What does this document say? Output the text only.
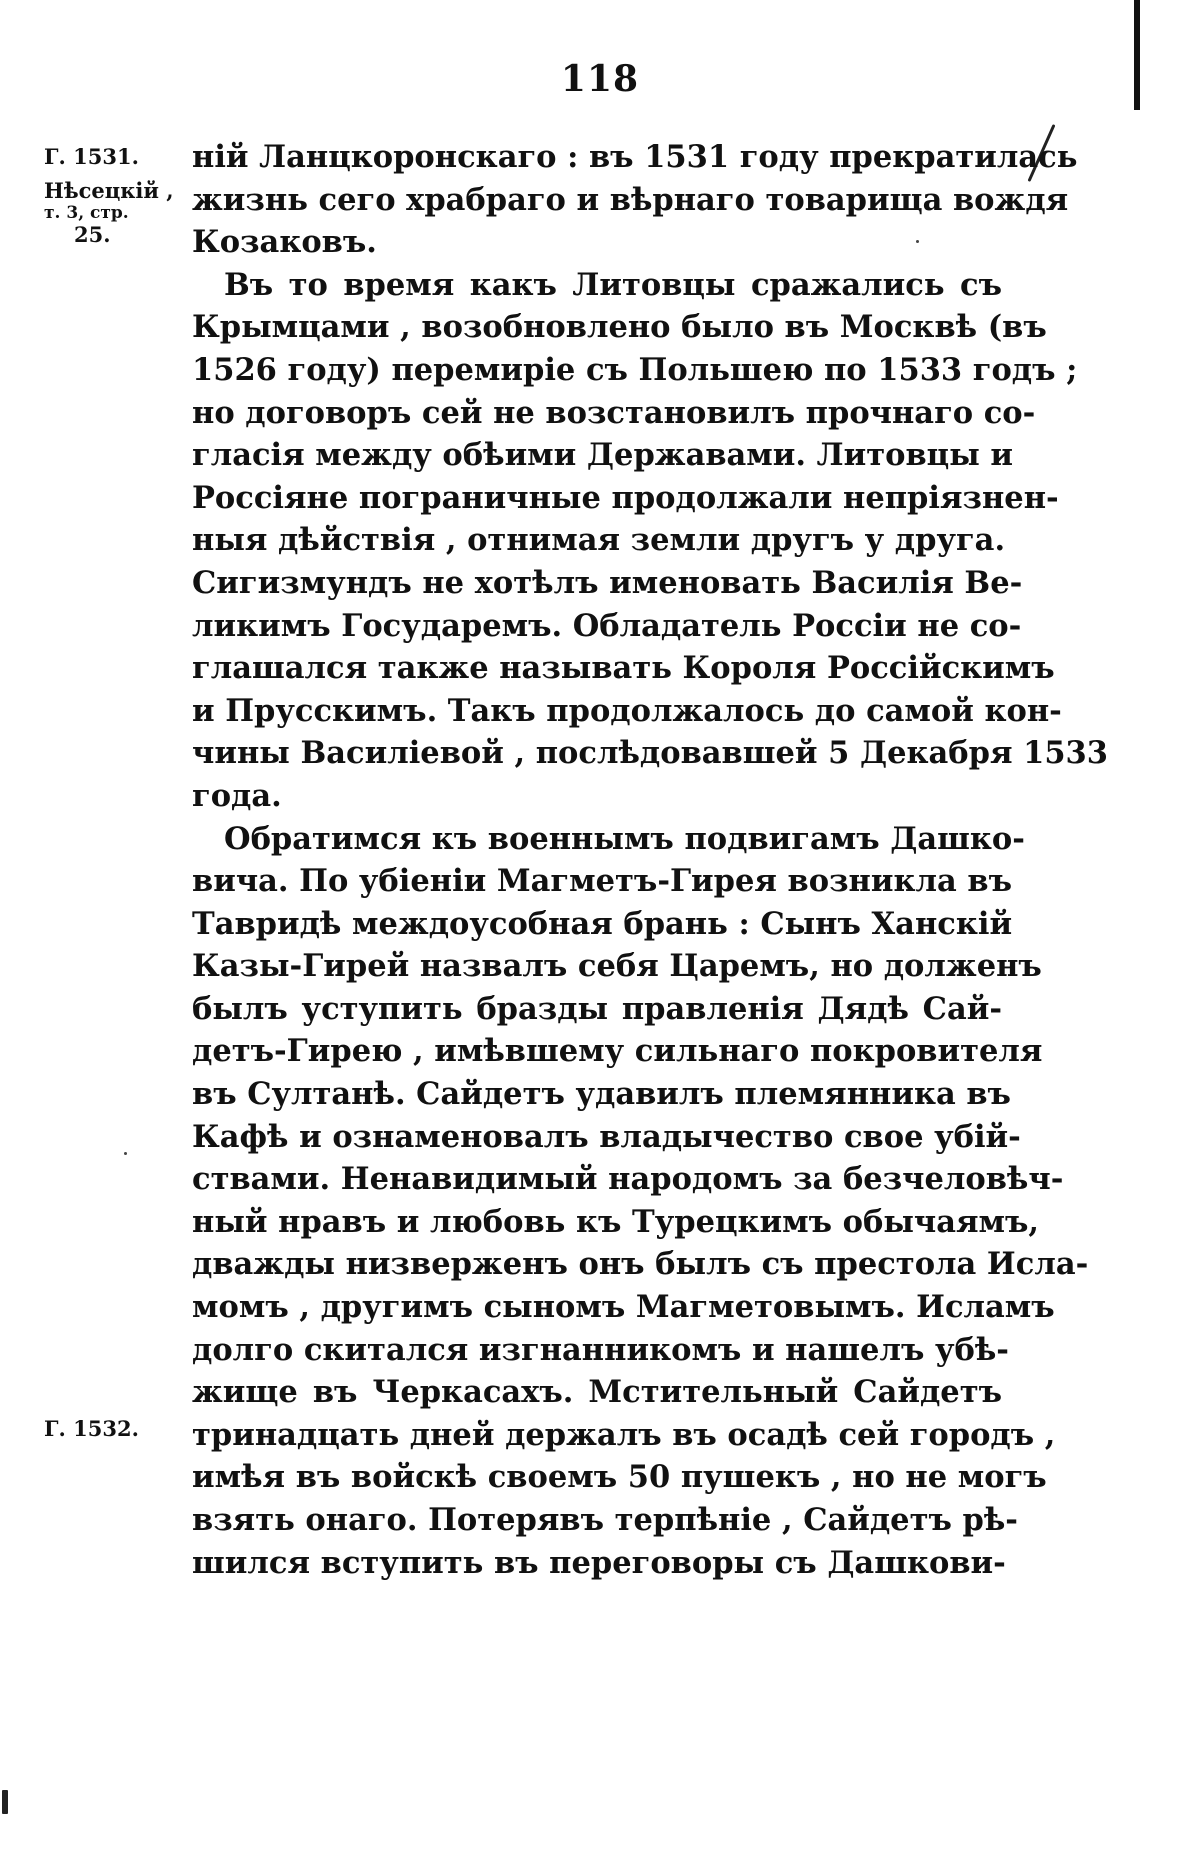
118
Г. 1531.
Нѣсецкій ,
т. 3, стр.
25.
Г. 1532.
ній Ланцкоронскаго : въ 1531 году прекратилась
жизнь сего храбраго и вѣрнаго товарища вождя
Козаковъ.
Въ то время какъ Литовцы сражались съ
Крымцами , возобновлено было въ Москвѣ (въ
1526 году) перемиріе съ Польшею по 1533 годъ ;
но договоръ сей не возстановилъ прочнаго со-
гласія между обѣими Державами. Литовцы и
Россіяне пограничные продолжали непріязнен-
ныя дѣйствія , отнимая земли другъ у друга.
Сигизмундъ не хотѣлъ именовать Василія Ве-
ликимъ Государемъ. Обладатель Россіи не со-
глашался также называть Короля Россійскимъ
и Прусскимъ. Такъ продолжалось до самой кон-
чины Василіевой , послѣдовавшей 5 Декабря 1533
года.
Обратимся къ военнымъ подвигамъ Дашко-
вича. По убіеніи Магметъ-Гирея возникла въ
Тавридѣ междоусобная брань : Сынъ Ханскій
Казы-Гирей назвалъ себя Царемъ, но долженъ
былъ уступить бразды правленія Дядѣ Сай-
детъ-Гирею , имѣвшему сильнаго покровителя
въ Султанѣ. Сайдетъ удавилъ племянника въ
Кафѣ и ознаменовалъ владычество свое убій-
ствами. Ненавидимый народомъ за безчеловѣч-
ный нравъ и любовь къ Турецкимъ обычаямъ,
дважды низверженъ онъ былъ съ престола Исла-
момъ , другимъ сыномъ Магметовымъ. Исламъ
долго скитался изгнанникомъ и нашелъ убѣ-
жище въ Черкасахъ. Мстительный Сайдетъ
тринадцать дней держалъ въ осадѣ сей городъ ,
имѣя въ войскѣ своемъ 50 пушекъ , но не могъ
взять онаго. Потерявъ терпѣніе , Сайдетъ рѣ-
шился вступить въ переговоры съ Дашкови-
